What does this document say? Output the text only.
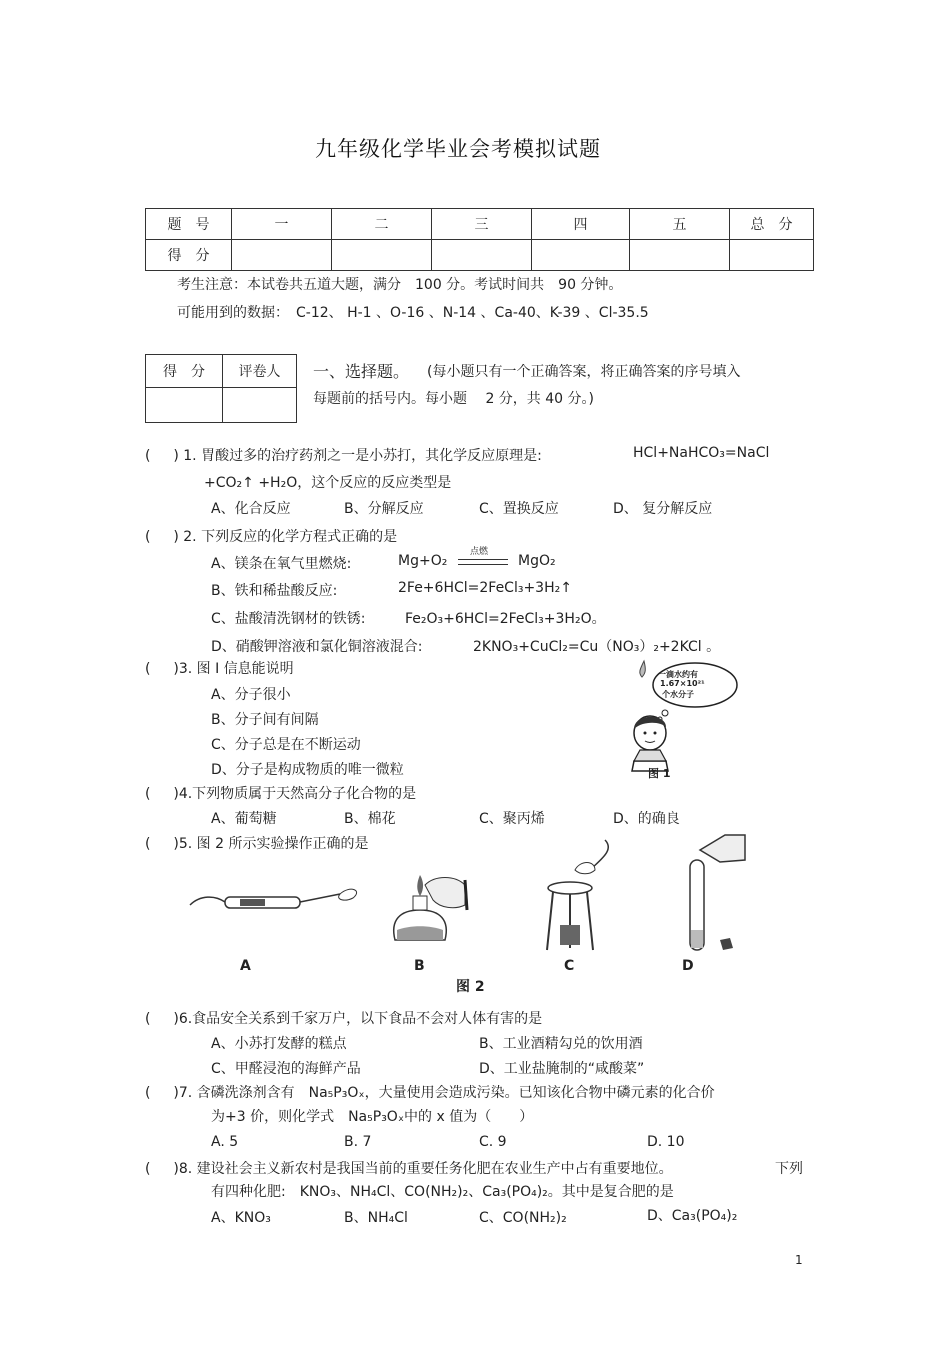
九年级化学毕业会考模拟试题
题　号	一	二	三	四	五	总　分
得　分						
考生注意：本试卷共五道大题，满分　100 分。考试时间共　90 分钟。
可能用到的数据：　C-12、 H-1 、O-16 、N-14 、Ca-40、K-39 、Cl-35.5
得　分	评卷人
	一、选择题。 (每小题只有一个正确答案，将正确答案的序号填入
每题前的括号内。每小题　 2 分，共 40 分。)
( 　 ) 1. 胃酸过多的治疗药剂之一是小苏打，其化学反应原理是:	HCl+NaHCO₃=NaCl
+CO₂↑ +H₂O，这个反应的反应类型是
A、化合反应	B、分解反应	C、置换反应	D、 复分解反应
( 　 ) 2. 下列反应的化学方程式正确的是
A、镁条在氧气里燃烧:	Mg+O₂
点燃
MgO₂
B、铁和稀盐酸反应:	2Fe+6HCl=2FeCl₃+3H₂↑
C、盐酸清洗钢材的铁锈:	Fe₂O₃+6HCl=2FeCl₃+3H₂O。
D、硝酸钾溶液和氯化铜溶液混合:	2KNO₃+CuCl₂=Cu（NO₃）₂+2KCl 。
( 　 )3. 图 I 信息能说明
A、分子很小
B、分子间有间隔
C、分子总是在不断运动
D、分子是构成物质的唯一微粒
一滴水约有
1.67×10²¹
个水分子
图 1
( 　 )4.下列物质属于天然高分子化合物的是
A、葡萄糖	B、棉花	C、聚丙烯	D、的确良
( 　 )5. 图 2 所示实验操作正确的是
A	B	C	D
图 2
( 　 )6.食品安全关系到千家万户，以下食品不会对人体有害的是
A、小苏打发酵的糕点	B、工业酒精勾兑的饮用酒
C、甲醛浸泡的海鲜产品	D、工业盐腌制的“咸酸菜”
( 　 )7. 含磷洗涤剂含有　Na₅P₃Oₓ，大量使用会造成污染。已知该化合物中磷元素的化合价
为+3 价，则化学式　Na₅P₃Oₓ中的 x 值为（　　）
A. 5	B. 7	C. 9	D. 10
( 　 )8. 建设社会主义新农村是我国当前的重要任务化肥在农业生产中占有重要地位。	下列
有四种化肥:　KNO₃、NH₄Cl、CO(NH₂)₂、Ca₃(PO₄)₂。其中是复合肥的是
A、KNO₃	B、NH₄Cl	C、CO(NH₂)₂	D、Ca₃(PO₄)₂
1
